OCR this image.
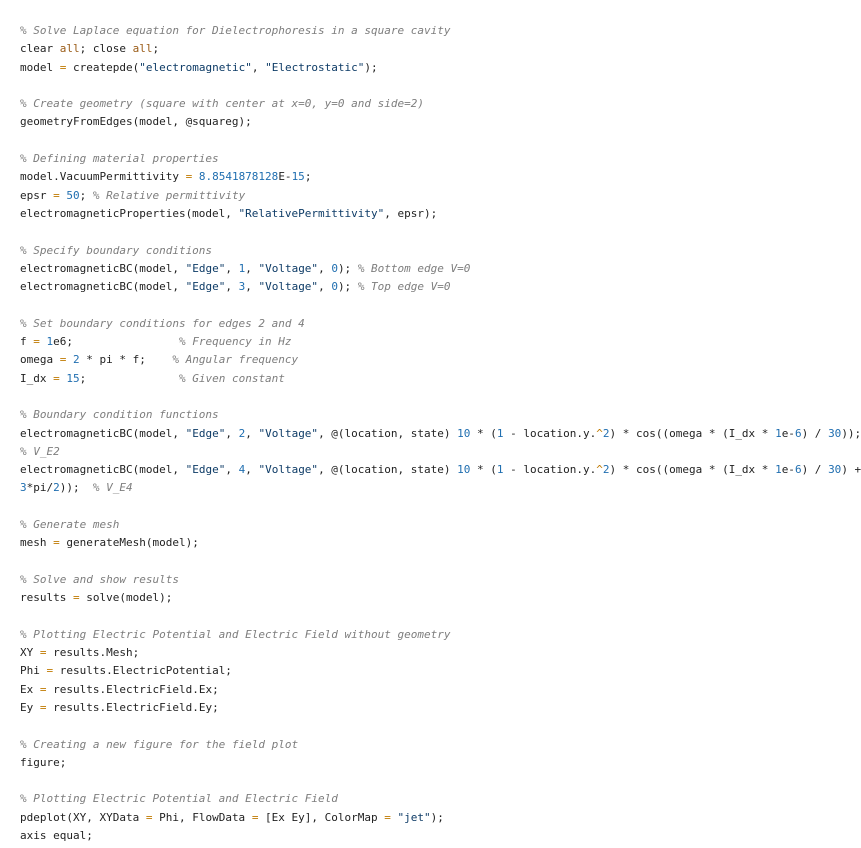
% Solve Laplace equation for Dielectrophoresis in a square cavity
clear all; close all;
model = createpde("electromagnetic", "Electrostatic");
% Create geometry (square with center at x=0, y=0 and side=2)
geometryFromEdges(model, @squareg);
% Defining material properties
model.VacuumPermittivity = 8.8541878128E-15;
epsr = 50; % Relative permittivity
electromagneticProperties(model, "RelativePermittivity", epsr);
% Specify boundary conditions
electromagneticBC(model, "Edge", 1, "Voltage", 0); % Bottom edge V=0
electromagneticBC(model, "Edge", 3, "Voltage", 0); % Top edge V=0
% Set boundary conditions for edges 2 and 4
f = 1e6;                % Frequency in Hz
omega = 2 * pi * f;    % Angular frequency
I_dx = 15;              % Given constant
% Boundary condition functions
electromagneticBC(model, "Edge", 2, "Voltage", @(location, state) 10 * (1 - location.y.^2) * cos((omega * (I_dx * 1e-6) / 30));
% V_E2
electromagneticBC(model, "Edge", 4, "Voltage", @(location, state) 10 * (1 - location.y.^2) * cos((omega * (I_dx * 1e-6) / 30) +
3*pi/2));  % V_E4
% Generate mesh
mesh = generateMesh(model);
% Solve and show results
results = solve(model);
% Plotting Electric Potential and Electric Field without geometry
XY = results.Mesh;
Phi = results.ElectricPotential;
Ex = results.ElectricField.Ex;
Ey = results.ElectricField.Ey;
% Creating a new figure for the field plot
figure;
% Plotting Electric Potential and Electric Field
pdeplot(XY, XYData = Phi, FlowData = [Ex Ey], ColorMap = "jet");
axis equal;
